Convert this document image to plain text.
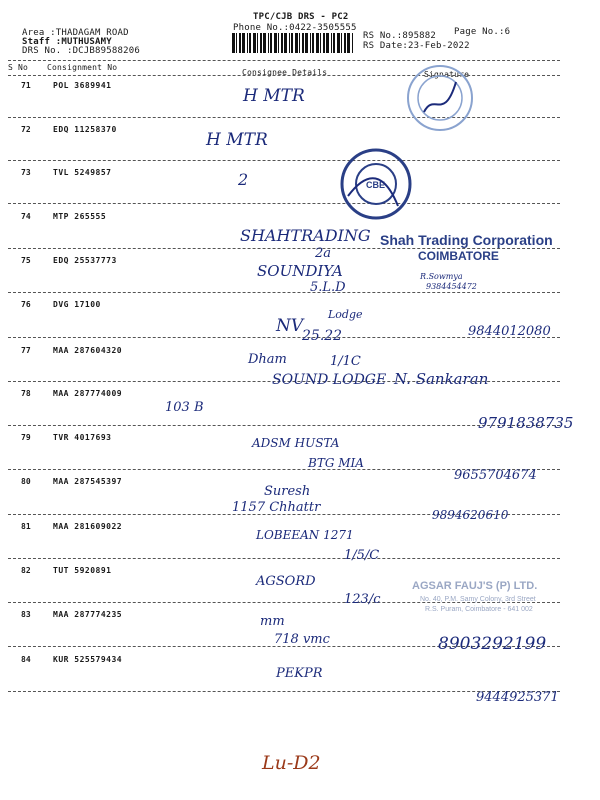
TPC/CJB DRS - PC2
Phone No.:0422-3505555
Area :THADAGAM ROAD
Staff :MUTHUSAMY
DRS No. :DCJB89588206
RS No.:895882
RS Date:23-Feb-2022
Page No.:6
S No Consignment No
Consignee Details	Signature
71	POL 3689941
72	EDQ 11258370
73	TVL 5249857
74	MTP 265555
75	EDQ 25537773
76	DVG 17100
77	MAA 287604320
78	MAA 287774009
79	TVR 4017693
80	MAA 287545397
81	MAA 281609022
82	TUT 5920891
83	MAA 287774235
84	KUR 525579434
CBE
Shah Trading Corporation
COIMBATORE
AGSAR FAUJ'S (P) LTD.
No. 40, P.M. Samy Colony, 3rd Street
R.S. Puram, Coimbatore - 641 002
H MTR
H MTR
2
SHAHTRADING
2a
SOUNDIYA
5.L.D
R.Sowmya
9384454472
NV
25.22
Lodge
9844012080
Dham	1/1C
SOUND LODGE N. Sankaran
103 B
9791838735
ADSM HUSTA
BTG MIA
9655704674
Suresh
1157 Chhattr	9894620610
LOBEEAN 1271
1/5/C
AGSORD
123/c
mm
718 vmc	8903292199
PEKPR
9444925371
Lu-D2
